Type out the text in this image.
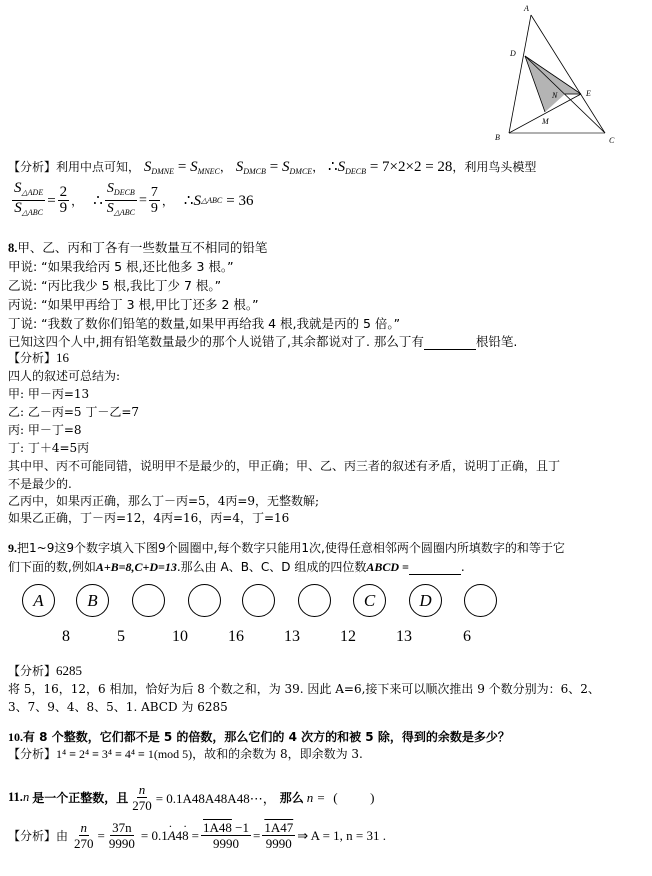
A
D
E
N
M
B	C
【分析】利用中点可知， $S_{DMNE} = S_{MNEC}$， $S_{DMCB} = S_{DMCE}$， $\therefore S_{DECB} = 7\times 2\times 2 = 28$，利用鸟头模型
$\frac{S_{\triangle ADE}}{S_{\triangle ABC}} = \frac{2}{9}$ ， ∴ $\frac{S_{DECB}}{S_{\triangle ABC}} = \frac{7}{9}$ ， ∴ S △ABC = 36
8.甲、乙、丙和丁各有一些数量互不相同的铅笔
甲说: “如果我给丙 5 根,还比他多 3 根。”
乙说: “丙比我少 5 根,我比丁少 7 根。”
丙说: “如果甲再给丁 3 根,甲比丁还多 2 根。”
丁说: “我数了数你们铅笔的数量,如果甲再给我 4 根,我就是丙的 5 倍。”
已知这四个人中,拥有铅笔数量最少的那个人说错了,其余都说对了. 那么丁有	根铅笔.
【分析】16
四人的叙述可总结为:
甲: 甲－丙=13
乙: 乙－丙=5 丁－乙=7
丙: 甲－丁=8
丁: 丁＋4=5丙
其中甲、丙不可能同错，说明甲不是最少的，甲正确；甲、乙、丙三者的叙述有矛盾，说明丁正确，且丁
不是最少的.
乙丙中，如果丙正确，那么丁－丙=5，4丙=9，无整数解;
如果乙正确，丁－丙=12，4丙=16，丙=4，丁=16
9.把1~9这9个数字填入下图9个圆圈中,每个数字只能用1次,使得任意相邻两个圆圈内所填数字的和等于它
们下面的数,例如A+B=8,C+D=13.那么由 A、B、C、D 组成的四位数ABCD =	.
A	B	C	D
8	5	10	16	13	12	13	6
【分析】6285
将 5，16，12，6 相加，恰好为后 8 个数之和，为 39. 因此 A=6,接下来可以顺次推出 9 个数分别为：6、2、
3、7、9、4、8、5、1. ABCD 为 6285
10.有 8 个整数，它们都不是 5 的倍数，那么它们的 4 次方的和被 5 除，得到的余数是多少？
【分析】1⁴ ≡ 2⁴ ≡ 3⁴ ≡ 4⁴ ≡ 1(mod 5)，故和的余数为 8，即余数为 3.
11. n 是一个正整数，且 $\frac{n}{270}$ = 0.1A48A48A48⋯， 那么 n = (          )
【分析】 由 $\frac{n}{270} = \frac{37n}{9990} = 0.1\cdot A4\cdot 8 = \frac{1A48 -1}{9990} = \frac{1A47}{9990}$ ⇒ A = 1, n = 31 .
